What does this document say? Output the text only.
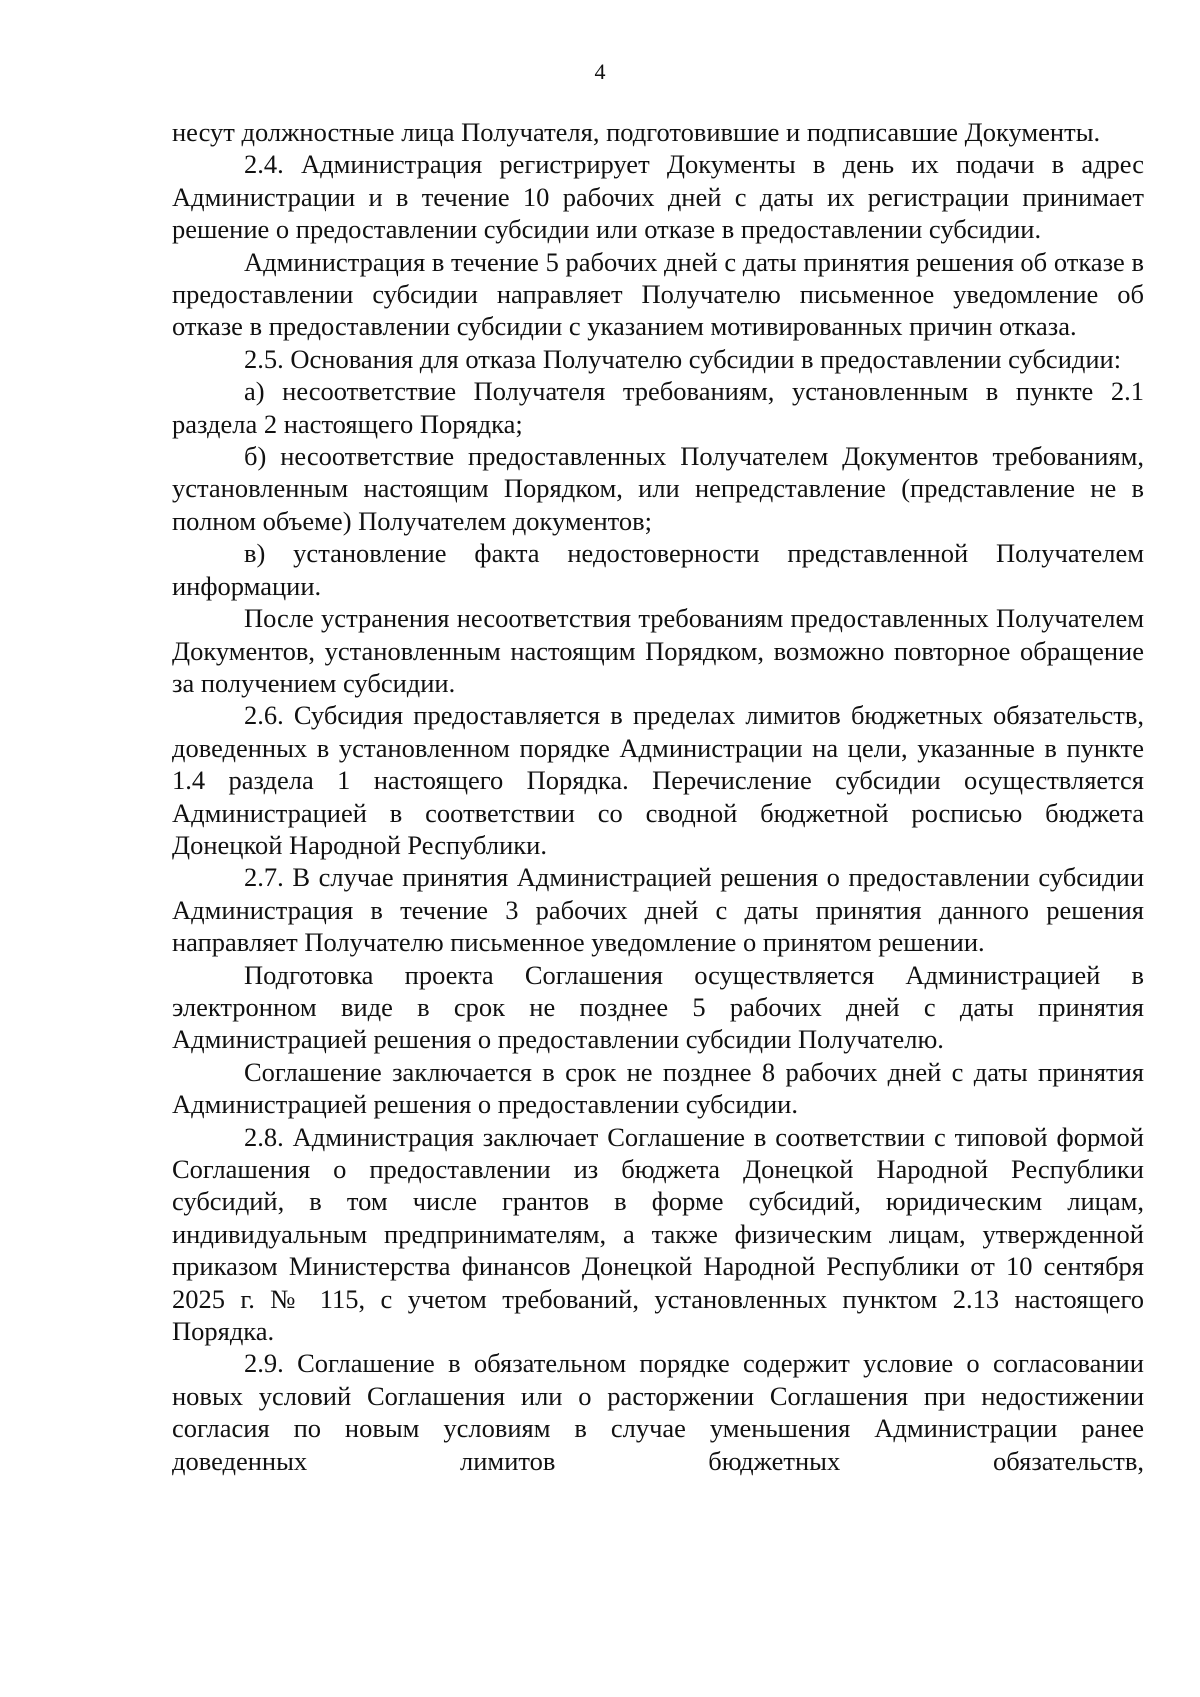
4

несут должностные лица Получателя, подготовившие и подписавшие Документы.

2.4. Администрация регистрирует Документы в день их подачи в адрес Администрации и в течение 10 рабочих дней с даты их регистрации принимает решение о предоставлении субсидии или отказе в предоставлении субсидии.

Администрация в течение 5 рабочих дней с даты принятия решения об отказе в предоставлении субсидии направляет Получателю письменное уведомление об отказе в предоставлении субсидии с указанием мотивированных причин отказа.

2.5. Основания для отказа Получателю субсидии в предоставлении субсидии:

а) несоответствие Получателя требованиям, установленным в пункте 2.1 раздела 2 настоящего Порядка;

б) несоответствие предоставленных Получателем Документов требованиям, установленным настоящим Порядком, или непредставление (представление не в полном объеме) Получателем документов;

в) установление факта недостоверности представленной Получателем информации.

После устранения несоответствия требованиям предоставленных Получателем Документов, установленным настоящим Порядком, возможно повторное обращение за получением субсидии.

2.6. Субсидия предоставляется в пределах лимитов бюджетных обязательств, доведенных в установленном порядке Администрации на цели, указанные в пункте 1.4 раздела 1 настоящего Порядка. Перечисление субсидии осуществляется Администрацией в соответствии со сводной бюджетной росписью бюджета Донецкой Народной Республики.

2.7. В случае принятия Администрацией решения о предоставлении субсидии Администрация в течение 3 рабочих дней с даты принятия данного решения направляет Получателю письменное уведомление о принятом решении.

Подготовка проекта Соглашения осуществляется Администрацией в электронном виде в срок не позднее 5 рабочих дней с даты принятия Администрацией решения о предоставлении субсидии Получателю.

Соглашение заключается в срок не позднее 8 рабочих дней с даты принятия Администрацией решения о предоставлении субсидии.

2.8. Администрация заключает Соглашение в соответствии с типовой формой Соглашения о предоставлении из бюджета Донецкой Народной Республики субсидий, в том числе грантов в форме субсидий, юридическим лицам, индивидуальным предпринимателям, а также физическим лицам, утвержденной приказом Министерства финансов Донецкой Народной Республики от 10 сентября 2025 г. № 115, с учетом требований, установленных пунктом 2.13 настоящего Порядка.

2.9. Соглашение в обязательном порядке содержит условие о согласовании новых условий Соглашения или о расторжении Соглашения при недостижении согласия по новым условиям в случае уменьшения Администрации ранее доведенных лимитов бюджетных обязательств,
